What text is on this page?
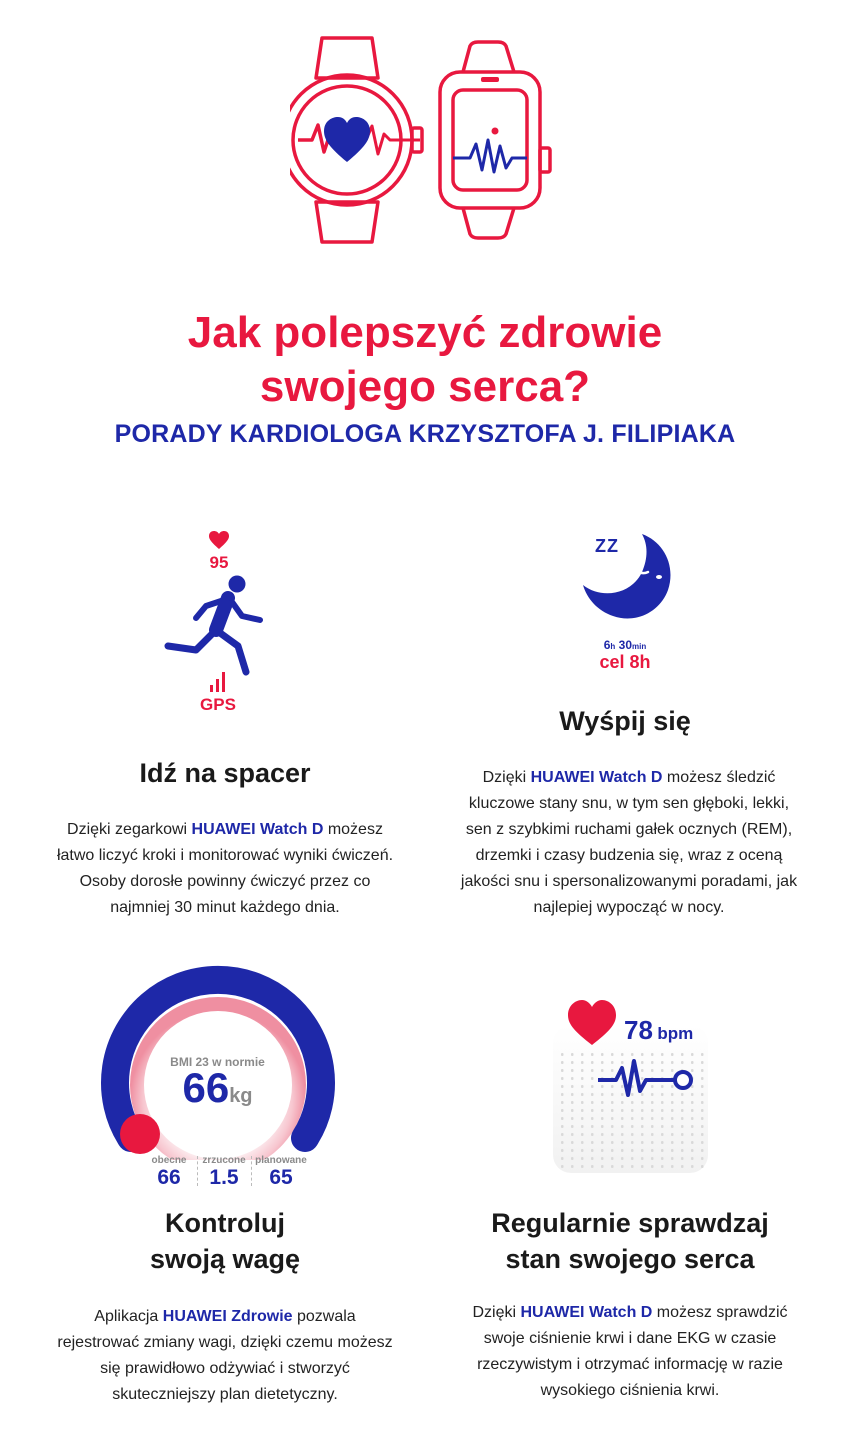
Jak polepszyć zdrowie
swojego serca?
PORADY KARDIOLOGA KRZYSZTOFA J. FILIPIAKA
95
GPS
Idź na spacer
Dzięki zegarkowi HUAWEI Watch D możesz łatwo liczyć kroki i monitorować wyniki ćwiczeń. Osoby dorosłe powinny ćwiczyć przez co najmniej 30 minut każdego dnia.
Z Z
6h 30min
cel 8h
Wyśpij się
Dzięki HUAWEI Watch D możesz śledzić kluczowe stany snu, w tym sen głęboki, lekki, sen z szybkimi ruchami gałek ocznych (REM), drzemki i czasy budzenia się, wraz z oceną jakości snu i spersonalizowanymi poradami, jak najlepiej wypocząć w nocy.
BMI 23 w normie
66kg
obecne
66
zrzucone
1.5
planowane
65
Kontroluj
swoją wagę
Aplikacja HUAWEI Zdrowie pozwala rejestrować zmiany wagi, dzięki czemu możesz się prawidłowo odżywiać i stworzyć skuteczniejszy plan dietetyczny.
78 bpm
Regularnie sprawdzaj
stan swojego serca
Dzięki HUAWEI Watch D możesz sprawdzić swoje ciśnienie krwi i dane EKG w czasie rzeczywistym i otrzymać informację w razie wysokiego ciśnienia krwi.
